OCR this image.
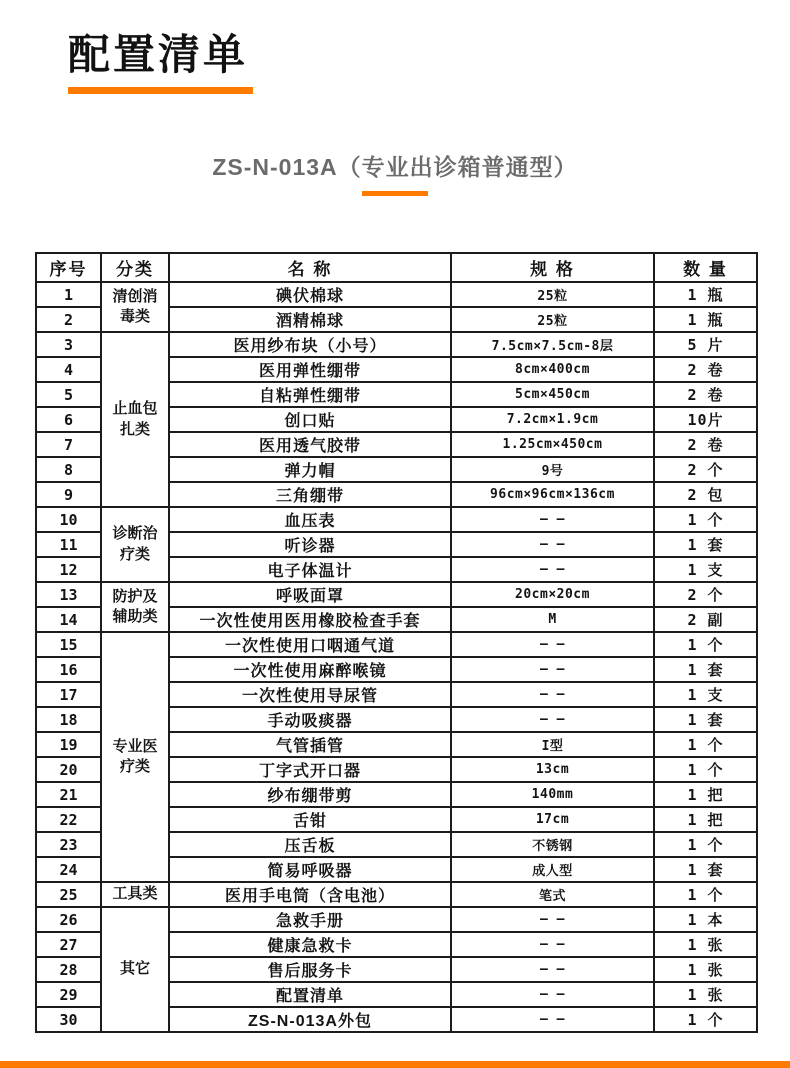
配置清单
ZS-N-013A（专业出诊箱普通型）
序号	分类	名 称	规 格	数 量
1	清创消毒类	碘伏棉球	25粒	1 瓶
2		酒精棉球	25粒	1 瓶
3	止血包扎类	医用纱布块（小号）	7.5cm×7.5cm-8层	5 片
4		医用弹性绷带	8cm×400cm	2 卷
5		自粘弹性绷带	5cm×450cm	2 卷
6		创口贴	7.2cm×1.9cm	10片
7		医用透气胶带	1.25cm×450cm	2 卷
8		弹力帽	9号	2 个
9		三角绷带	96cm×96cm×136cm	2 包
10	诊断治疗类	血压表	— —	1 个
11		听诊器	— —	1 套
12		电子体温计	— —	1 支
13	防护及辅助类	呼吸面罩	20cm×20cm	2 个
14		一次性使用医用橡胶检查手套	M	2 副
15	专业医疗类	一次性使用口咽通气道	— —	1 个
16		一次性使用麻醉喉镜	— —	1 套
17		一次性使用导尿管	— —	1 支
18		手动吸痰器	— —	1 套
19		气管插管	I型	1 个
20		丁字式开口器	13cm	1 个
21		纱布绷带剪	140mm	1 把
22		舌钳	17cm	1 把
23		压舌板	不锈钢	1 个
24		简易呼吸器	成人型	1 套
25	工具类	医用手电筒（含电池）	笔式	1 个
26	其它	急救手册	— —	1 本
27		健康急救卡	— —	1 张
28		售后服务卡	— —	1 张
29		配置清单	— —	1 张
30		ZS-N-013A外包	— —	1 个
